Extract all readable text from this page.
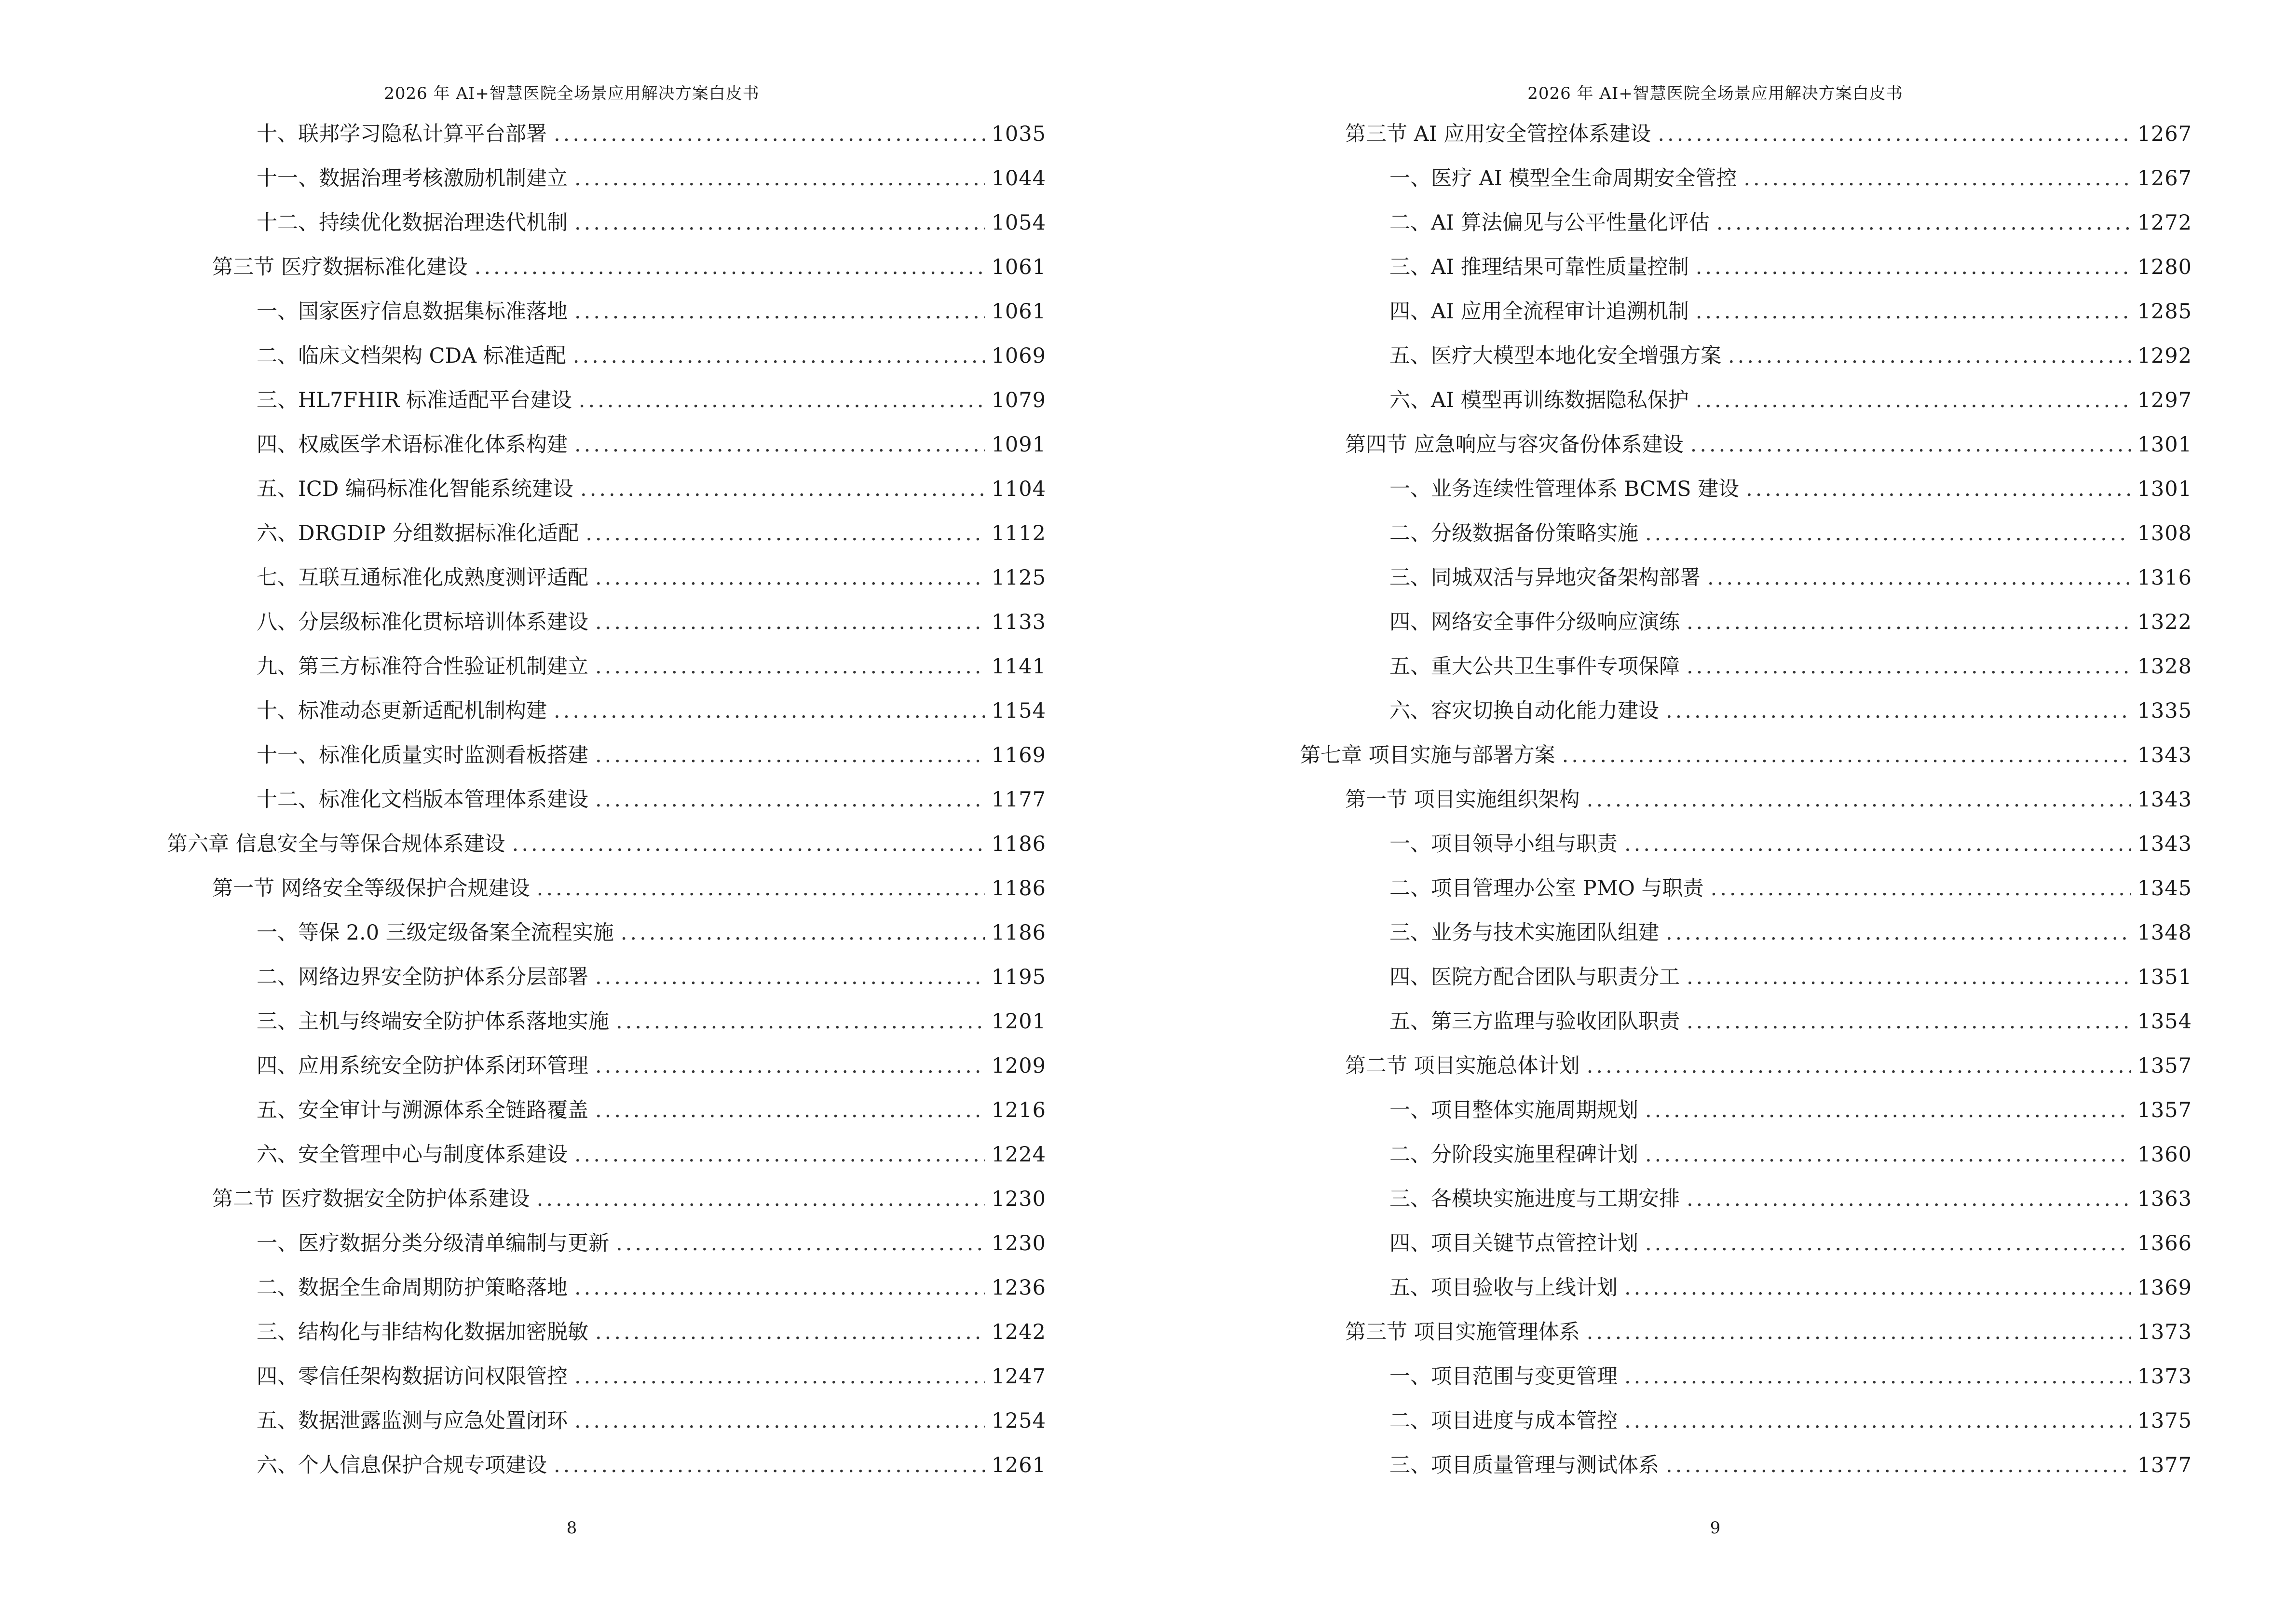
2026 年 AI+智慧医院全场景应用解决方案白皮书
十、联邦学习隐私计算平台部署 .....	1035
十一、数据治理考核激励机制建立 .....	1044
十二、持续优化数据治理迭代机制 .....	1054
第三节 医疗数据标准化建设 .....	1061
一、国家医疗信息数据集标准落地 .....	1061
二、临床文档架构 CDA 标准适配 .....	1069
三、HL7FHIR 标准适配平台建设 .....	1079
四、权威医学术语标准化体系构建 .....	1091
五、ICD 编码标准化智能系统建设 .....	1104
六、DRGDIP 分组数据标准化适配 .....	1112
七、互联互通标准化成熟度测评适配 .....	1125
八、分层级标准化贯标培训体系建设 .....	1133
九、第三方标准符合性验证机制建立 .....	1141
十、标准动态更新适配机制构建 .....	1154
十一、标准化质量实时监测看板搭建 .....	1169
十二、标准化文档版本管理体系建设 .....	1177
第六章 信息安全与等保合规体系建设 .....	1186
第一节 网络安全等级保护合规建设 .....	1186
一、等保 2.0 三级定级备案全流程实施 .....	1186
二、网络边界安全防护体系分层部署 .....	1195
三、主机与终端安全防护体系落地实施 .....	1201
四、应用系统安全防护体系闭环管理 .....	1209
五、安全审计与溯源体系全链路覆盖 .....	1216
六、安全管理中心与制度体系建设 .....	1224
第二节 医疗数据安全防护体系建设 .....	1230
一、医疗数据分类分级清单编制与更新 .....	1230
二、数据全生命周期防护策略落地 .....	1236
三、结构化与非结构化数据加密脱敏 .....	1242
四、零信任架构数据访问权限管控 .....	1247
五、数据泄露监测与应急处置闭环 .....	1254
六、个人信息保护合规专项建设 .....	1261
8
2026 年 AI+智慧医院全场景应用解决方案白皮书
第三节 AI 应用安全管控体系建设 .....	1267
一、医疗 AI 模型全生命周期安全管控 .....	1267
二、AI 算法偏见与公平性量化评估 .....	1272
三、AI 推理结果可靠性质量控制 .....	1280
四、AI 应用全流程审计追溯机制 .....	1285
五、医疗大模型本地化安全增强方案 .....	1292
六、AI 模型再训练数据隐私保护 .....	1297
第四节 应急响应与容灾备份体系建设 .....	1301
一、业务连续性管理体系 BCMS 建设 .....	1301
二、分级数据备份策略实施 .....	1308
三、同城双活与异地灾备架构部署 .....	1316
四、网络安全事件分级响应演练 .....	1322
五、重大公共卫生事件专项保障 .....	1328
六、容灾切换自动化能力建设 .....	1335
第七章 项目实施与部署方案 .....	1343
第一节 项目实施组织架构 .....	1343
一、项目领导小组与职责 .....	1343
二、项目管理办公室 PMO 与职责 .....	1345
三、业务与技术实施团队组建 .....	1348
四、医院方配合团队与职责分工 .....	1351
五、第三方监理与验收团队职责 .....	1354
第二节 项目实施总体计划 .....	1357
一、项目整体实施周期规划 .....	1357
二、分阶段实施里程碑计划 .....	1360
三、各模块实施进度与工期安排 .....	1363
四、项目关键节点管控计划 .....	1366
五、项目验收与上线计划 .....	1369
第三节 项目实施管理体系 .....	1373
一、项目范围与变更管理 .....	1373
二、项目进度与成本管控 .....	1375
三、项目质量管理与测试体系 .....	1377
9
